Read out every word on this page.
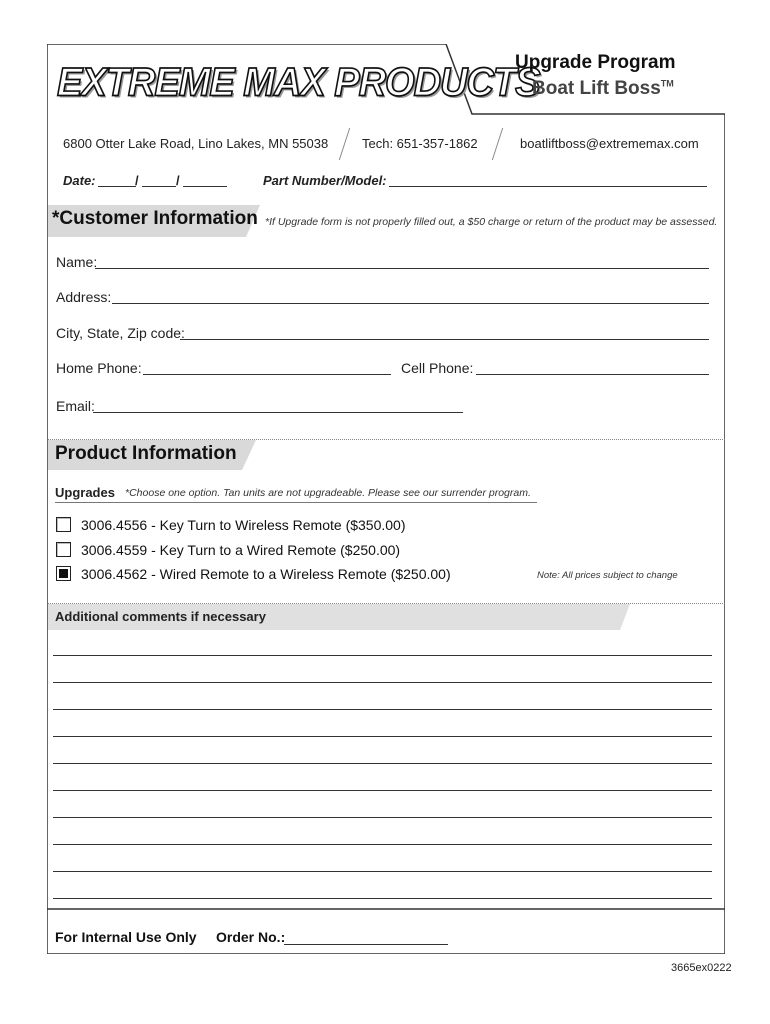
EXTREME MAX PRODUCTS
Upgrade Program
Boat Lift Boss™
6800 Otter Lake Road, Lino Lakes, MN 55038	Tech: 651-357-1862	boatliftboss@extrememax.com
Date:	/	/	Part Number/Model:
*Customer Information *If Upgrade form is not properly filled out, a $50 charge or return of the product may be assessed.
Name:
Address:
City, State, Zip code:
Home Phone:	Cell Phone:
Email:
Product Information
Upgrades *Choose one option. Tan units are not upgradeable. Please see our surrender program.
3006.4556 - Key Turn to Wireless Remote ($350.00)
3006.4559 - Key Turn to a Wired Remote ($250.00)
3006.4562 - Wired Remote to a Wireless Remote ($250.00)	Note: All prices subject to change
Additional comments if necessary
For Internal Use Only Order No.:
3665ex0222
